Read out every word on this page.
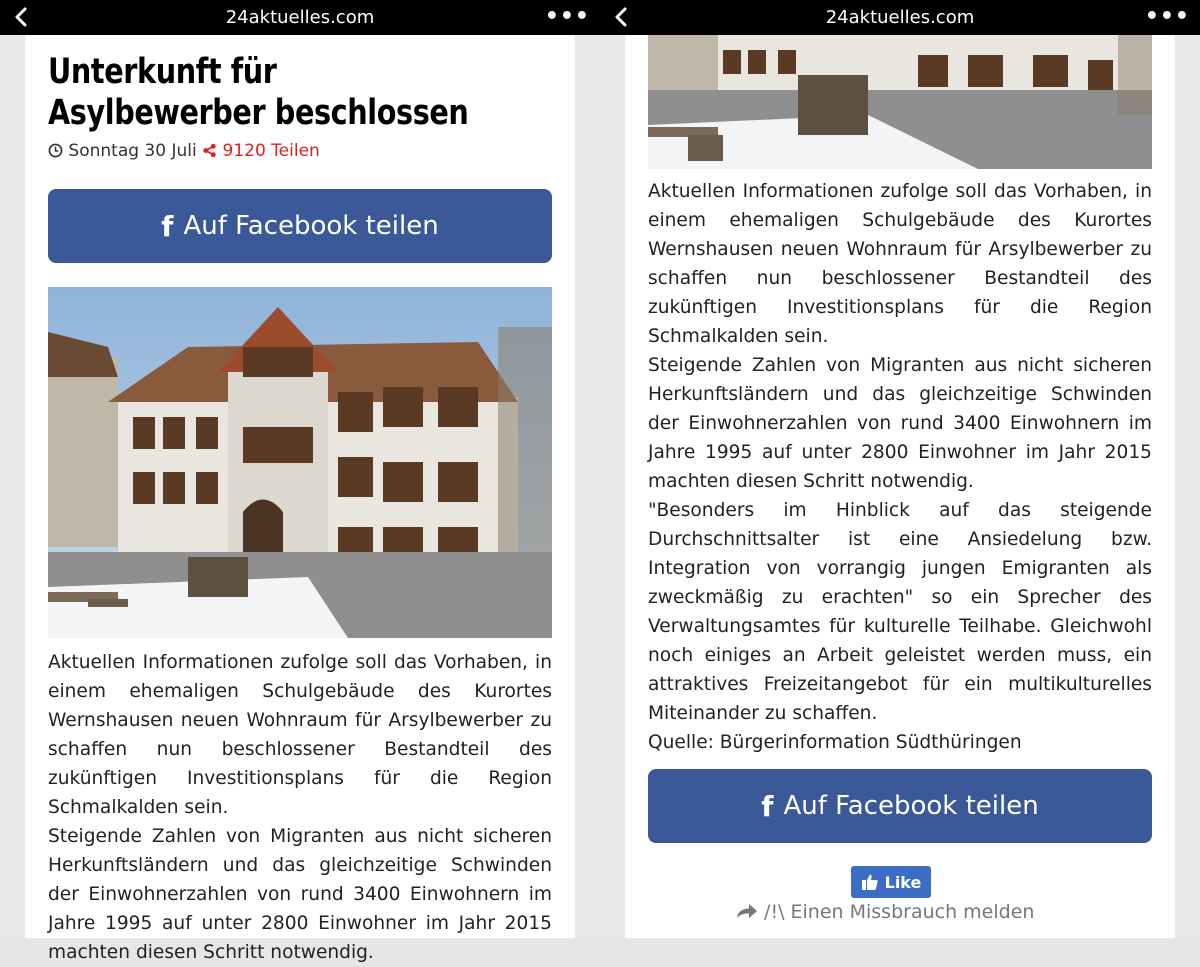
24aktuelles.com	•••
Unterkunft für Asylbewerber beschlossen
Sonntag 30 Juli 9120 Teilen
f Auf Facebook teilen

Aktuellen Informationen zufolge soll das Vorhaben, in einem ehemaligen Schulgebäude des Kurortes Wernshausen neuen Wohnraum für Arsylbewerber zu schaffen nun beschlossener Bestandteil des zukünftigen Investitionsplans für die Region Schmalkalden sein.

Steigende Zahlen von Migranten aus nicht sicheren Herkunftsländern und das gleichzeitige Schwinden der Einwohnerzahlen von rund 3400 Einwohnern im Jahre 1995 auf unter 2800 Einwohner im Jahr 2015 machten diesen Schritt notwendig.

24aktuelles.com	•••

Aktuellen Informationen zufolge soll das Vorhaben, in einem ehemaligen Schulgebäude des Kurortes Wernshausen neuen Wohnraum für Arsylbewerber zu schaffen nun beschlossener Bestandteil des zukünftigen Investitionsplans für die Region Schmalkalden sein.

Steigende Zahlen von Migranten aus nicht sicheren Herkunftsländern und das gleichzeitige Schwinden der Einwohnerzahlen von rund 3400 Einwohnern im Jahre 1995 auf unter 2800 Einwohner im Jahr 2015 machten diesen Schritt notwendig.

"Besonders im Hinblick auf das steigende Durchschnittsalter ist eine Ansiedelung bzw. Integration von vorrangig jungen Emigranten als zweckmäßig zu erachten" so ein Sprecher des Verwaltungsamtes für kulturelle Teilhabe. Gleichwohl noch einiges an Arbeit geleistet werden muss, ein attraktives Freizeitangebot für ein multikulturelles Miteinander zu schaffen.

Quelle: Bürgerinformation Südthüringen

f Auf Facebook teilen
Like
/!\ Einen Missbrauch melden
